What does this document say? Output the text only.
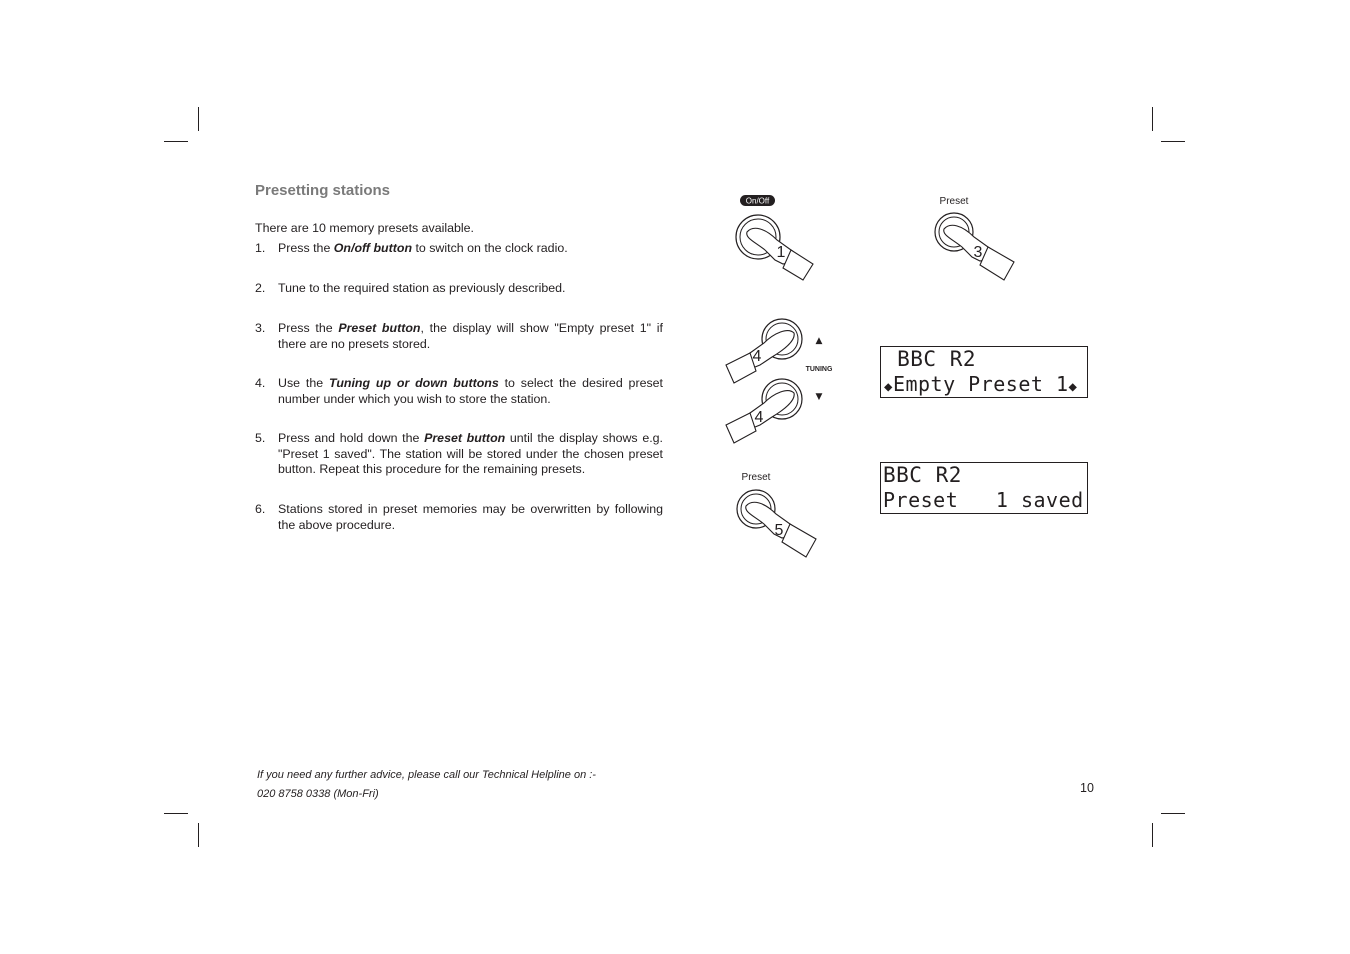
Presetting stations
There are 10 memory presets available.
1. Press the On/off button to switch on the clock radio.
2. Tune to the required station as previously described.
3. Press the Preset button, the display will show "Empty preset 1" if there are no presets stored.
4. Use the Tuning up or down buttons to select the desired preset number under which you wish to store the station.
5. Press and hold down the Preset button until the display shows e.g. "Preset 1 saved". The station will be stored under the chosen preset button. Repeat this procedure for the remaining presets.
6. Stations stored in preset memories may be overwritten by following the above procedure.
On/Off
1
Preset
3
4
4
▲
TUNING
▼
Preset
5
BBC R2
◆Empty Preset 1◆
BBC R2
Preset   1 saved
If you need any further advice, please call our Technical Helpline on :-
020 8758 0338 (Mon-Fri)	10
